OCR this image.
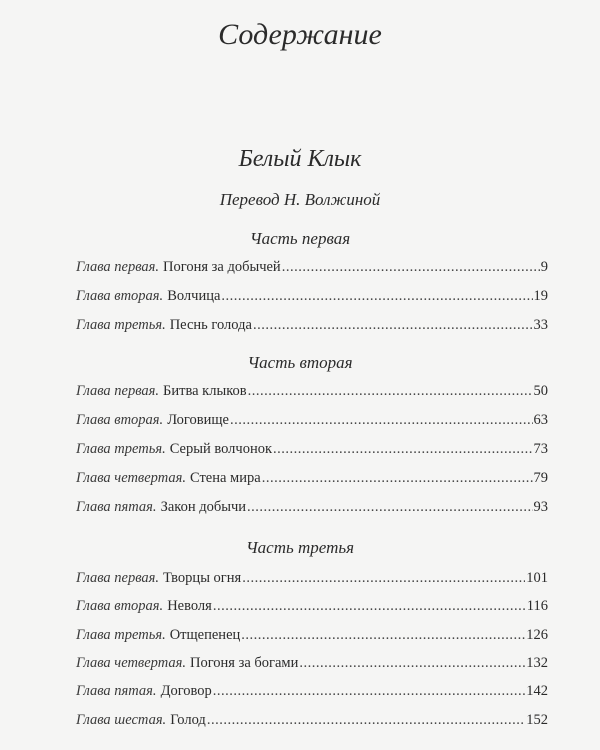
Содержание
Белый Клык
Перевод Н. Волжиной
Часть первая
Глава первая. Погоня за добычей .....	9
Глава вторая. Волчица .....	19
Глава третья. Песнь голода .....	33
Часть вторая
Глава первая. Битва клыков .....	50
Глава вторая. Логовище .....	63
Глава третья. Серый волчонок .....	73
Глава четвертая. Стена мира .....	79
Глава пятая. Закон добычи .....	93
Часть третья
Глава первая. Творцы огня .....	101
Глава вторая. Неволя .....	116
Глава третья. Отщепенец .....	126
Глава четвертая. Погоня за богами .....	132
Глава пятая. Договор .....	142
Глава шестая. Голод .....	152
